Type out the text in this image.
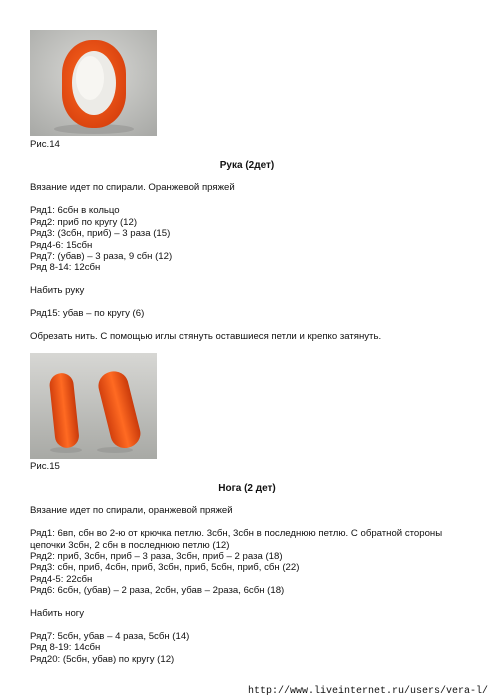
Рис.14
Рука (2дет)
Вязание идет по спирали. Оранжевой пряжей
Ряд1: 6сбн в кольцо
Ряд2: приб по кругу (12)
Ряд3: (3сбн, приб) – 3 раза (15)
Ряд4-6: 15сбн
Ряд7: (убав) – 3 раза, 9 сбн (12)
Ряд 8-14: 12сбн
Набить руку
Ряд15: убав – по кругу (6)
Обрезать нить. С помощью иглы стянуть оставшиеся петли и крепко затянуть.
Рис.15
Нога (2 дет)
Вязание идет по спирали, оранжевой пряжей
Ряд1: 6вп, сбн во 2-ю от крючка петлю. 3сбн, 3сбн в последнюю петлю. С обратной стороны
цепочки 3сбн, 2 сбн в последнюю петлю (12)
Ряд2: приб, 3сбн, приб – 3 раза, 3сбн, приб – 2 раза (18)
Ряд3: сбн, приб, 4сбн, приб, 3сбн, приб, 5сбн, приб, сбн (22)
Ряд4-5: 22сбн
Ряд6: 6сбн, (убав) – 2 раза, 2сбн, убав – 2раза, 6сбн (18)
Набить ногу
Ряд7: 5сбн, убав – 4 раза, 5сбн (14)
Ряд 8-19: 14сбн
Ряд20: (5сбн, убав) по кругу (12)
http://www.liveinternet.ru/users/vera-l/
